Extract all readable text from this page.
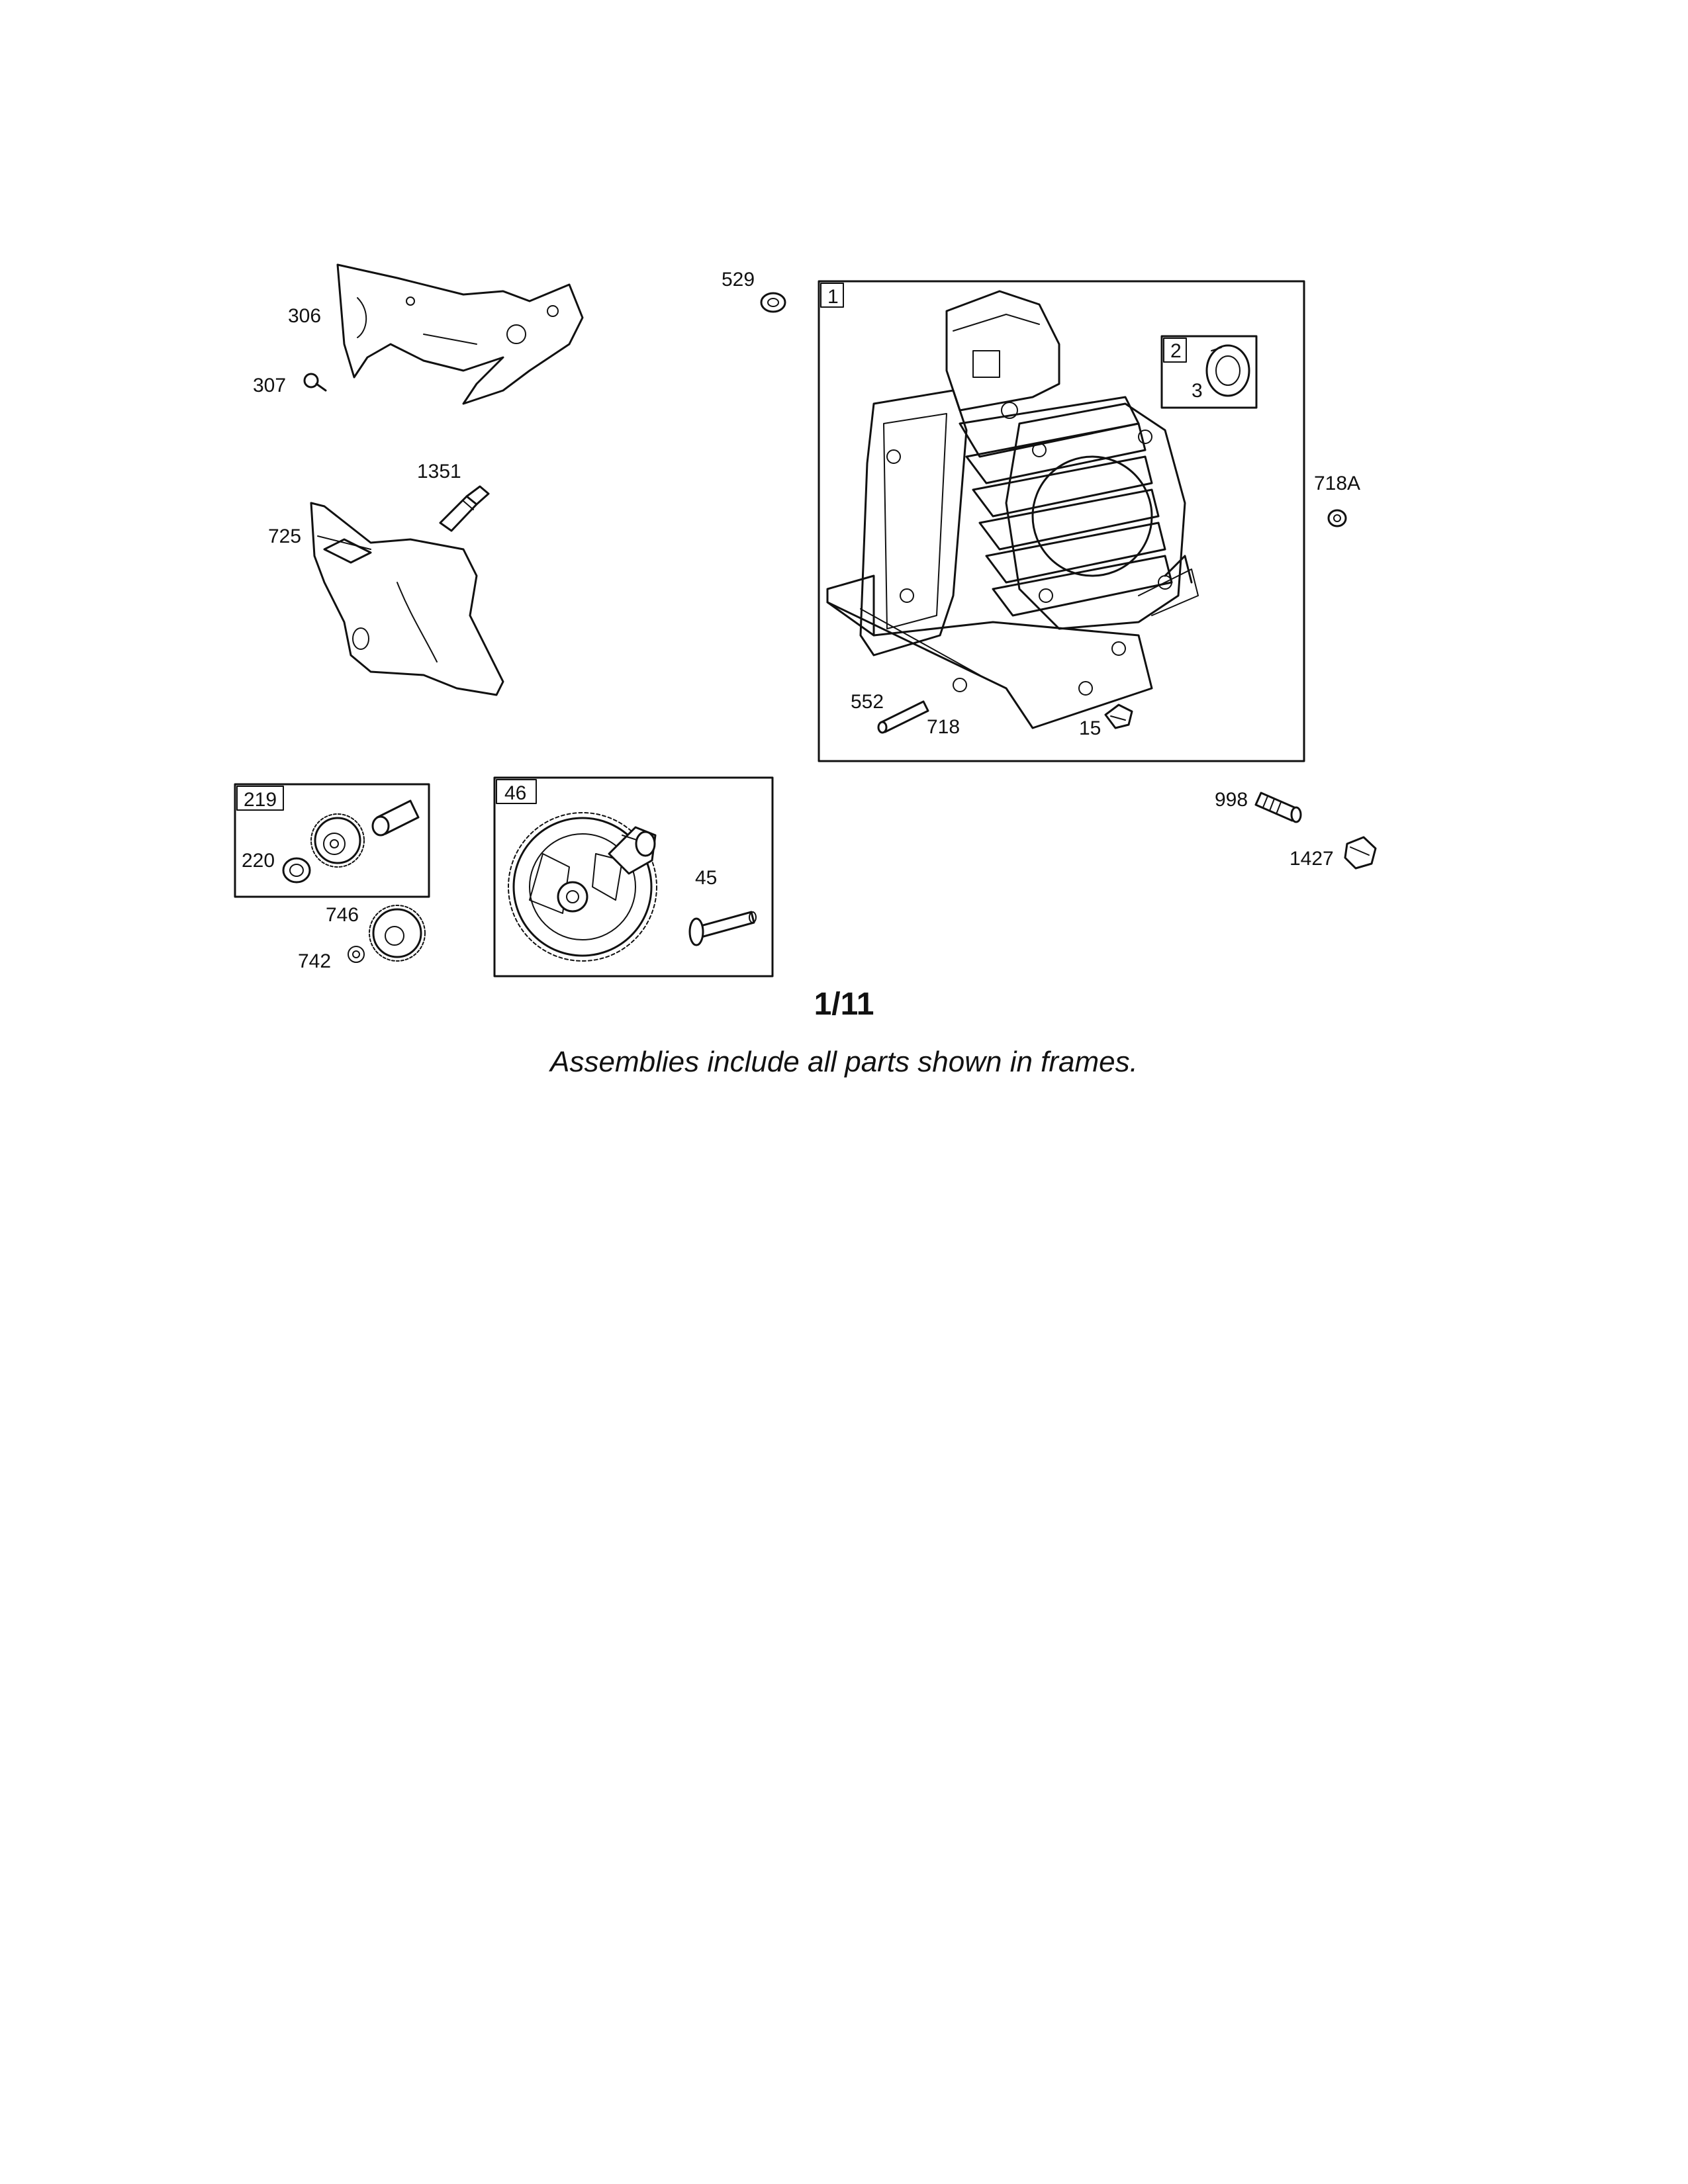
306
307
1351
725
529
1
2
3
552
718	15
718A
998
1427
219
220
746
742
46
45
1/11
Assemblies include all parts shown in frames.
